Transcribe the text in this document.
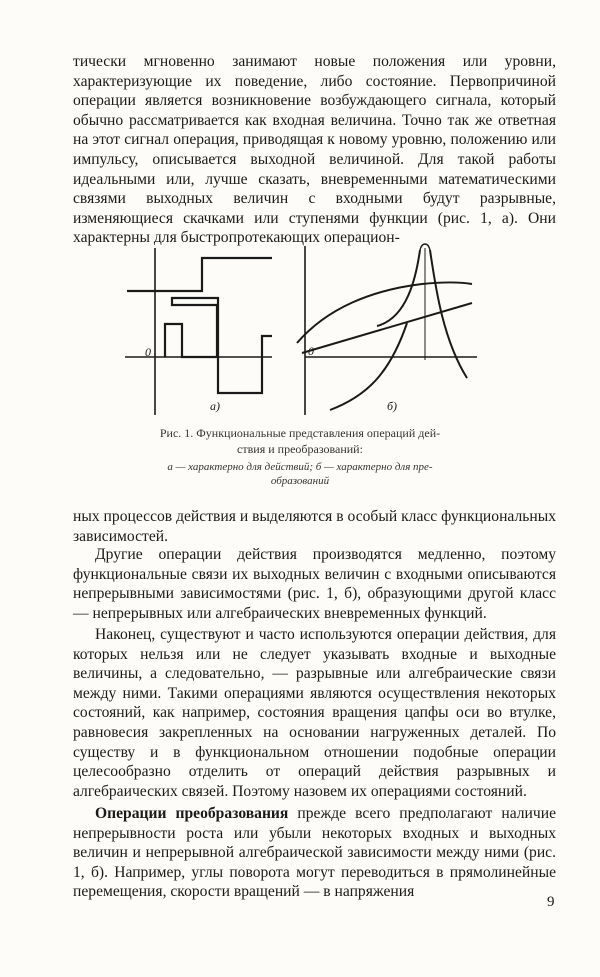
тически мгновенно занимают новые положения или уровни, характеризующие их поведение, либо состояние. Первопричиной операции является возникновение возбуждающего сигнала, который обычно рассматривается как входная величина. Точно так же ответная на этот сигнал операция, приводящая к новому уровню, положению или импульсу, описывается выходной величиной. Для такой работы идеальными или, лучше сказать, вневременными математическими связями выходных величин с входными будут разрывные, изменяющиеся скачками или ступенями функции (рис. 1, а). Они характерны для быстропротекающих операцион-

0	0
а)	б)
Рис. 1. Функциональные представления операций дей-
ствия и преобразований:
а — характерно для действий; б — характерно для пре-
образований

ных процессов действия и выделяются в особый класс функциональных зависимостей.

Другие операции действия производятся медленно, поэтому функциональные связи их выходных величин с входными описываются непрерывными зависимостями (рис. 1, б), образующими другой класс — непрерывных или алгебраических вневременных функций.

Наконец, существуют и часто используются операции действия, для которых нельзя или не следует указывать входные и выходные величины, а следовательно, — разрывные или алгебраические связи между ними. Такими операциями являются осуществления некоторых состояний, как например, состояния вращения цапфы оси во втулке, равновесия закрепленных на основании нагруженных деталей. По существу и в функциональном отношении подобные операции целесообразно отделить от операций действия разрывных и алгебраических связей. Поэтому назовем их операциями состояний.

Операции преобразования прежде всего предполагают наличие непрерывности роста или убыли некоторых входных и выходных величин и непрерывной алгебраической зависимости между ними (рис. 1, б). Например, углы поворота могут переводиться в прямолинейные перемещения, скорости вращений — в напряжения

9
